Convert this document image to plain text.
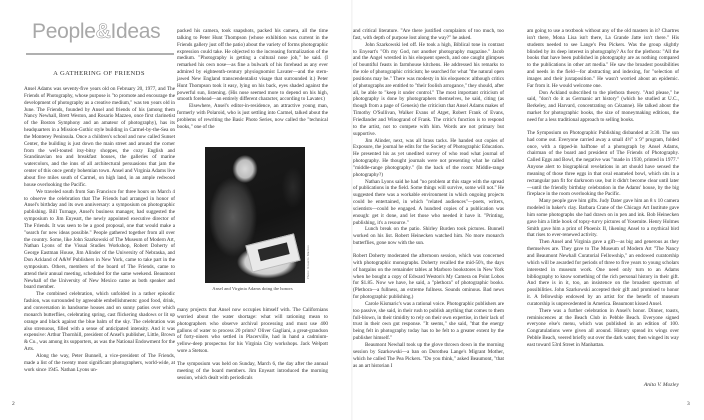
People&Ideas
A GATHERING OF FRIENDS

Ansel Adams was seventy-five years old on February 20, 1977, and The Friends of Photography, whose purpose is "to promote and encourage the development of photography as a creative medium," was ten years old in June. The Friends, founded by Ansel and friends of his (among them Nancy Newhall, Brett Weston, and Rosario Mazzeo, once first clarinetist of the Boston Symphony and an amateur of photography), has its headquarters in a Mission-Gothic style building in Carmel-by-the-Sea on the Monterey Peninsula. Once a children's school and now called Sunset Center, the building is just down the main street and around the corner from the well-touted itsy-bitsy shoppes, the cozy English and Scandinavian tea and breakfast houses, the galleries of marine watercolors, and the inns of all architectural persuasions that jam the center of this once gently bohemian town. Ansel and Virginia Adams live about five miles south of Carmel, on high land, in an ample redwood house overlooking the Pacific.

We traveled south from San Francisco for three hours on March 4 to observe the celebration that The Friends had arranged in honor of Ansel's birthday and its own anniversary: a symposium on photographic publishing. Bill Turnage, Ansel's business manager, had suggested the symposium to Jim Enyeart, the newly appointed executive director of The Friends. It was seen to be a good proposal, one that would make a "search for new ideas possible." People gathered together from all over the country. Some, like John Szarkowski of The Museum of Modern Art, Nathan Lyons of the Visual Studies Workshop, Robert Doherty of George Eastman House, Jim Alinder of the University of Nebraska, and Don Ackland of A&W Publishers in New York, came to take part in the symposium. Others, members of the board of The Friends, came to attend their annual meeting, scheduled for the same weekend. Beaumont Newhall of the University of New Mexico came as both speaker and board member.

The combined celebration, which unfolded in a rather episodic fashion, was surrounded by agreeable embellishments: good food, drink, and conversation in handsome houses and on sunny patios over which monarch butterflies, celebrating spring, cast flickering shadows or lit up orange and black against the blue balm of the sky. The celebration was also strenuous, filled with a sense of anticipated intensity. And it was expensive: Arthur Thornhill, president of Ansel's publisher, Little, Brown & Co., was among its supporters, as was the National Endowment for the Arts.

Along the way, Peter Bunnell, a vice-president of The Friends, made a list of the twenty most significant photographers, world-wide, at work since 1945. Nathan Lyons un-

packed his camera, took snapshots, packed his camera, all the time talking to Peter Hunt Thompson (whose exhibition was current in the Friends gallery just off the patio) about the variety of forms photographic expression could take. He objected to the increasing formalization of the medium. "Photography is getting a cultural nose job," he said. (I remarked his own nose—as fine a bulwark of his forehead as any ever admired by eighteenth-century physiognomist Lavater—and the stern-jawed New England transcendentalist visage that surrounded it.) Peter Hunt Thompson took it easy, lying on his back, eyes shaded against the powerful sun, listening. (His nose seemed more to depend on his high, smooth forehead—an entirely different character, according to Lavater.)

Elsewhere, Ansel's editor-in-residence, an attractive young man, formerly with Polaroid, who is just settling into Carmel, talked about the problems of rewriting the Basic Photo Series, now called the "technical books," one of the

Photo: Rosario Mazzeo
Ansel and Virginia Adams doing the honors

many projects that Ansel now occupies himself with. The Californians worried about the water shortage: what will rationing mean to photographers who observe archival processing and must use 400 gallons of water to process 20 prints? Oliver Gagliani, a great-grandson of forty-niners who settled in Placerville, had in hand a cadmium-yellow-deep prospectus for his Virginia City workshops. Jack Welpott wore a Stetson.

The symposium was held on Sunday, March 6, the day after the annual meeting of the board members. Jim Enyeart introduced the morning session, which dealt with periodicals

2

and critical literature. "Are there justified complaints of too much, too fast, with depth of purpose lost along the way?" he asked.

John Szarkowski led off. He took a high, Biblical tone in contrast to Enyeart's "Oh my God, not another photography magazine." Jacob and the Angel wrestled in his eloquent speech, and one caught glimpses of bountiful feasts in farmhouse kitchens. He addressed his remarks to the role of photographic criticism; he searched for what "the natural open positions may be." There was modesty in his eloquence: although critics of photographs are entitled to "their foolish arrogance," they should, after all, be able to "keep it under control." The most important criticism of photography is done by photographers themselves, he said, citing (as though from a page of Genesis) the criticism that Ansel Adams makes of Timothy O'Sullivan, Walker Evans of Atget, Robert Frank of Evans, Friedlander and Winogrand of Frank. The critic's function is to respond to the artist, not to compete with him. Words are not primary but supportive.

Jim Alinder, next, was all brass tacks. He handed out copies of Exposure, the journal he edits for the Society of Photographic Education. He presented his as yet unedited survey of who read what journal of photography. He thought journals were not presenting what he called "middle-range photography." (In the back of the room: Middle-range photography?)

Nathan Lyons said he had "no problem at this stage with the spread of publications in the field. Some things will survive, some will not." He suggested there was a workable environment in which ongoing projects could be entertained, in which "related audiences"—poets, writers, scientists—could be engaged. A hundred copies of a publication was enough: get it done, and let those who needed it have it. "Printing, publishing, it's a resource."

Lunch break on the patio. Shirley Burden took pictures. Bunnell worked on his list. Robert Heinecken watched him. No more monarch butterflies, gone now with the sun.

Robert Doherty moderated the afternoon session, which was concerned with photographic monographs. Doherty recalled the mid-50's, the days of bargains on the remainder tables at Marboro bookstores in New York when he bought a copy of Edward Weston's My Camera on Point Lobos for $1.85. Now we have, he said, a "plethora" of photographic books. (Plethora—a fullness, an extreme fullness. Sounds ominous. Bad news for photographic publishing.)

Carole Kismaric's was a rational voice. Photographic publishers are too passive, she said, in their rush to publish anything that comes to them full-blown, in their timidity to rely on their own expertise, in their lack of trust in their own gut response. "It seems," she said, "that the energy being felt in photography today has to be felt to a greater extent by the publisher himself."

Beaumont Newhall took up the glove thrown down in the morning session by Szarkowski—a ban on Dorothea Lange's Migrant Mother, which he called The Pea Pickers. "Do you think," asked Beaumont, "that as an art historian I

am going to use a textbook without any of the old masters in it? Chartres isn't there, Mona Lisa isn't there, La Grande Jatte isn't there." His students needed to see Lange's Pea Pickers. Was the group slightly blinded by its deep interest in photography? As for the plethora: "All the books that have been published in photography are as nothing compared to the publications in other art media." He saw the broadest possibilities and needs in the field—for abstracting and indexing, for "selection of images and their juxtaposition." He wasn't worried about an epidemic. Far from it. He would welcome one.

Don Ackland subscribed to the plethora theory. "And please," he said, "don't do it as Germanic art history" (which he studied at U.C., Berkeley, and Harvard, concentrating on Cézanne). He talked about the market for photographic books, the size of moneymaking editions, the need for a less traditional approach to selling books.

The Symposium on Photographic Publishing disbanded at 3:30. The sun had come out. Everyone carried away a small 4½" x 9" program, folded once, with a tipped-in halftone of a photograph by Ansel Adams, chairman of the board and president of The Friends of Photography. Called Eggs and Bowl, the negative was "made in 1930, printed in 1977." Anyone alert to biographical revelations in art should have sensed the meaning of those three eggs in that oval enameled bowl, which sits in a rectangular pan fit for darkroom use, but it didn't become clear until later—until the friendly birthday celebration in the Adams' house, by the big fireplace in the room overlooking the Pacific.

Many people gave him gifts. Judy Dater gave him an 8 x 10 camera modeled in baker's clay. Barbara Crane of the Chicago Art Institute gave him some photographs she had drawn on in pen and ink. Bob Heinecken gave him a little book of topsy-turvy pictures of Yosemite. Henry Holmes Smith gave him a print of Phoenix II, likening Ansel to a mythical bird that rises to ever-renewed activity.

Then Ansel and Virginia gave a gift—as big and generous as they themselves are. They gave to The Museum of Modern Art "The Nancy and Beaumont Newhall Curatorial Fellowship," an endowed curatorship which will be awarded for periods of three to five years to young scholars interested in museum work. One need only turn to an Adams bibliography to know something of the rich personal history in their gift. And there is in it, too, an insistence on the broadest spectrum of possibilities. John Szarkowski accepted their gift and promised to honor it. A fellowship endowed by an artist for the benefit of museum curatorship is unprecedented in America. Beaumont kissed Ansel.

There was a further celebration in Ansel's honor. Dinner, toasts, reminiscences at the Beach Club in Pebble Beach. Everyone signed everyone else's menu, which was published in an edition of 100. Congratulations were given all around. History spread its wings over Pebble Beach, veered briefly out over the dark water, then winged its way east toward 53rd Street in Manhattan.

Anita V. Mozley
3
